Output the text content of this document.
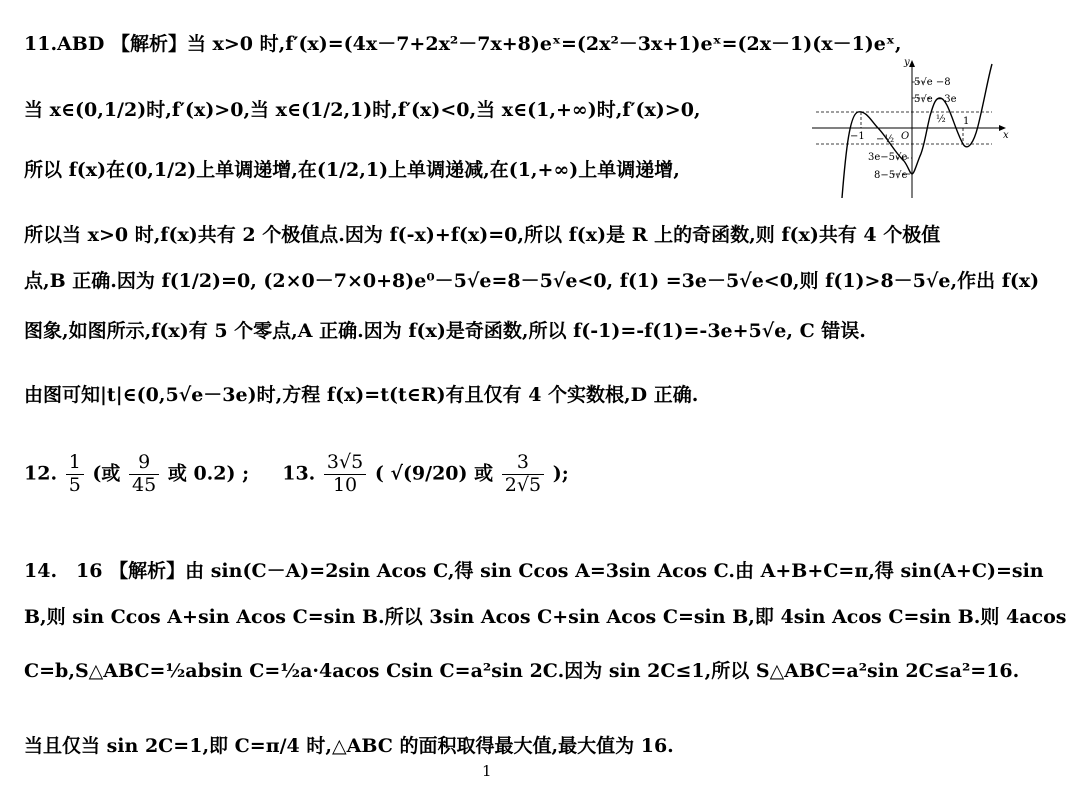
11.ABD 【解析】当 x>0 时,f′(x)=(4x－7+2x²－7x+8)eˣ=(2x²－3x+1)eˣ=(2x－1)(x－1)eˣ,
当 x∈(0,1/2)时,f′(x)>0,当 x∈(1/2,1)时,f′(x)<0,当 x∈(1,+∞)时,f′(x)>0,
所以 f(x)在(0,1/2)上单调递增,在(1/2,1)上单调递减,在(1,+∞)上单调递增,
所以当 x>0 时,f(x)共有 2 个极值点.因为 f(-x)+f(x)=0,所以 f(x)是 R 上的奇函数,则 f(x)共有 4 个极值
点,B 正确.因为 f(1/2)=0, (2×0－7×0+8)e⁰－5√e=8－5√e<0, f(1) =3e－5√e<0,则 f(1)>8－5√e,作出 f(x)
图象,如图所示,f(x)有 5 个零点,A 正确.因为 f(x)是奇函数,所以 f(-1)=-f(1)=-3e+5√e, C 错误.
由图可知|t|∈(0,5√e－3e)时,方程 f(x)=t(t∈R)有且仅有 4 个实数根,D 正确.
12. $\frac{1}{5}$ (或 $\frac{9}{45}$ 或 0.2) ; 13. $\frac{3√5}{10}$ ( √(9/20) 或 $\frac{3}{2√5}$ );
14.　16 【解析】由 sin(C－A)=2sin Acos C,得 sin Ccos A=3sin Acos C.由 A+B+C=π,得 sin(A+C)=sin
B,则 sin Ccos A+sin Acos C=sin B.所以 3sin Acos C+sin Acos C=sin B,即 4sin Acos C=sin B.则 4acos
C=b,S△ABC=½absin C=½a·4acos Csin C=a²sin 2C.因为 sin 2C≤1,所以 S△ABC=a²sin 2C≤a²=16.
当且仅当 sin 2C=1,即 C=π/4 时,△ABC 的面积取得最大值,最大值为 16.
y
x
O
−1 −½
½ 1
5√e −8
5√e −3e
3e−5√e
8−5√e
1
